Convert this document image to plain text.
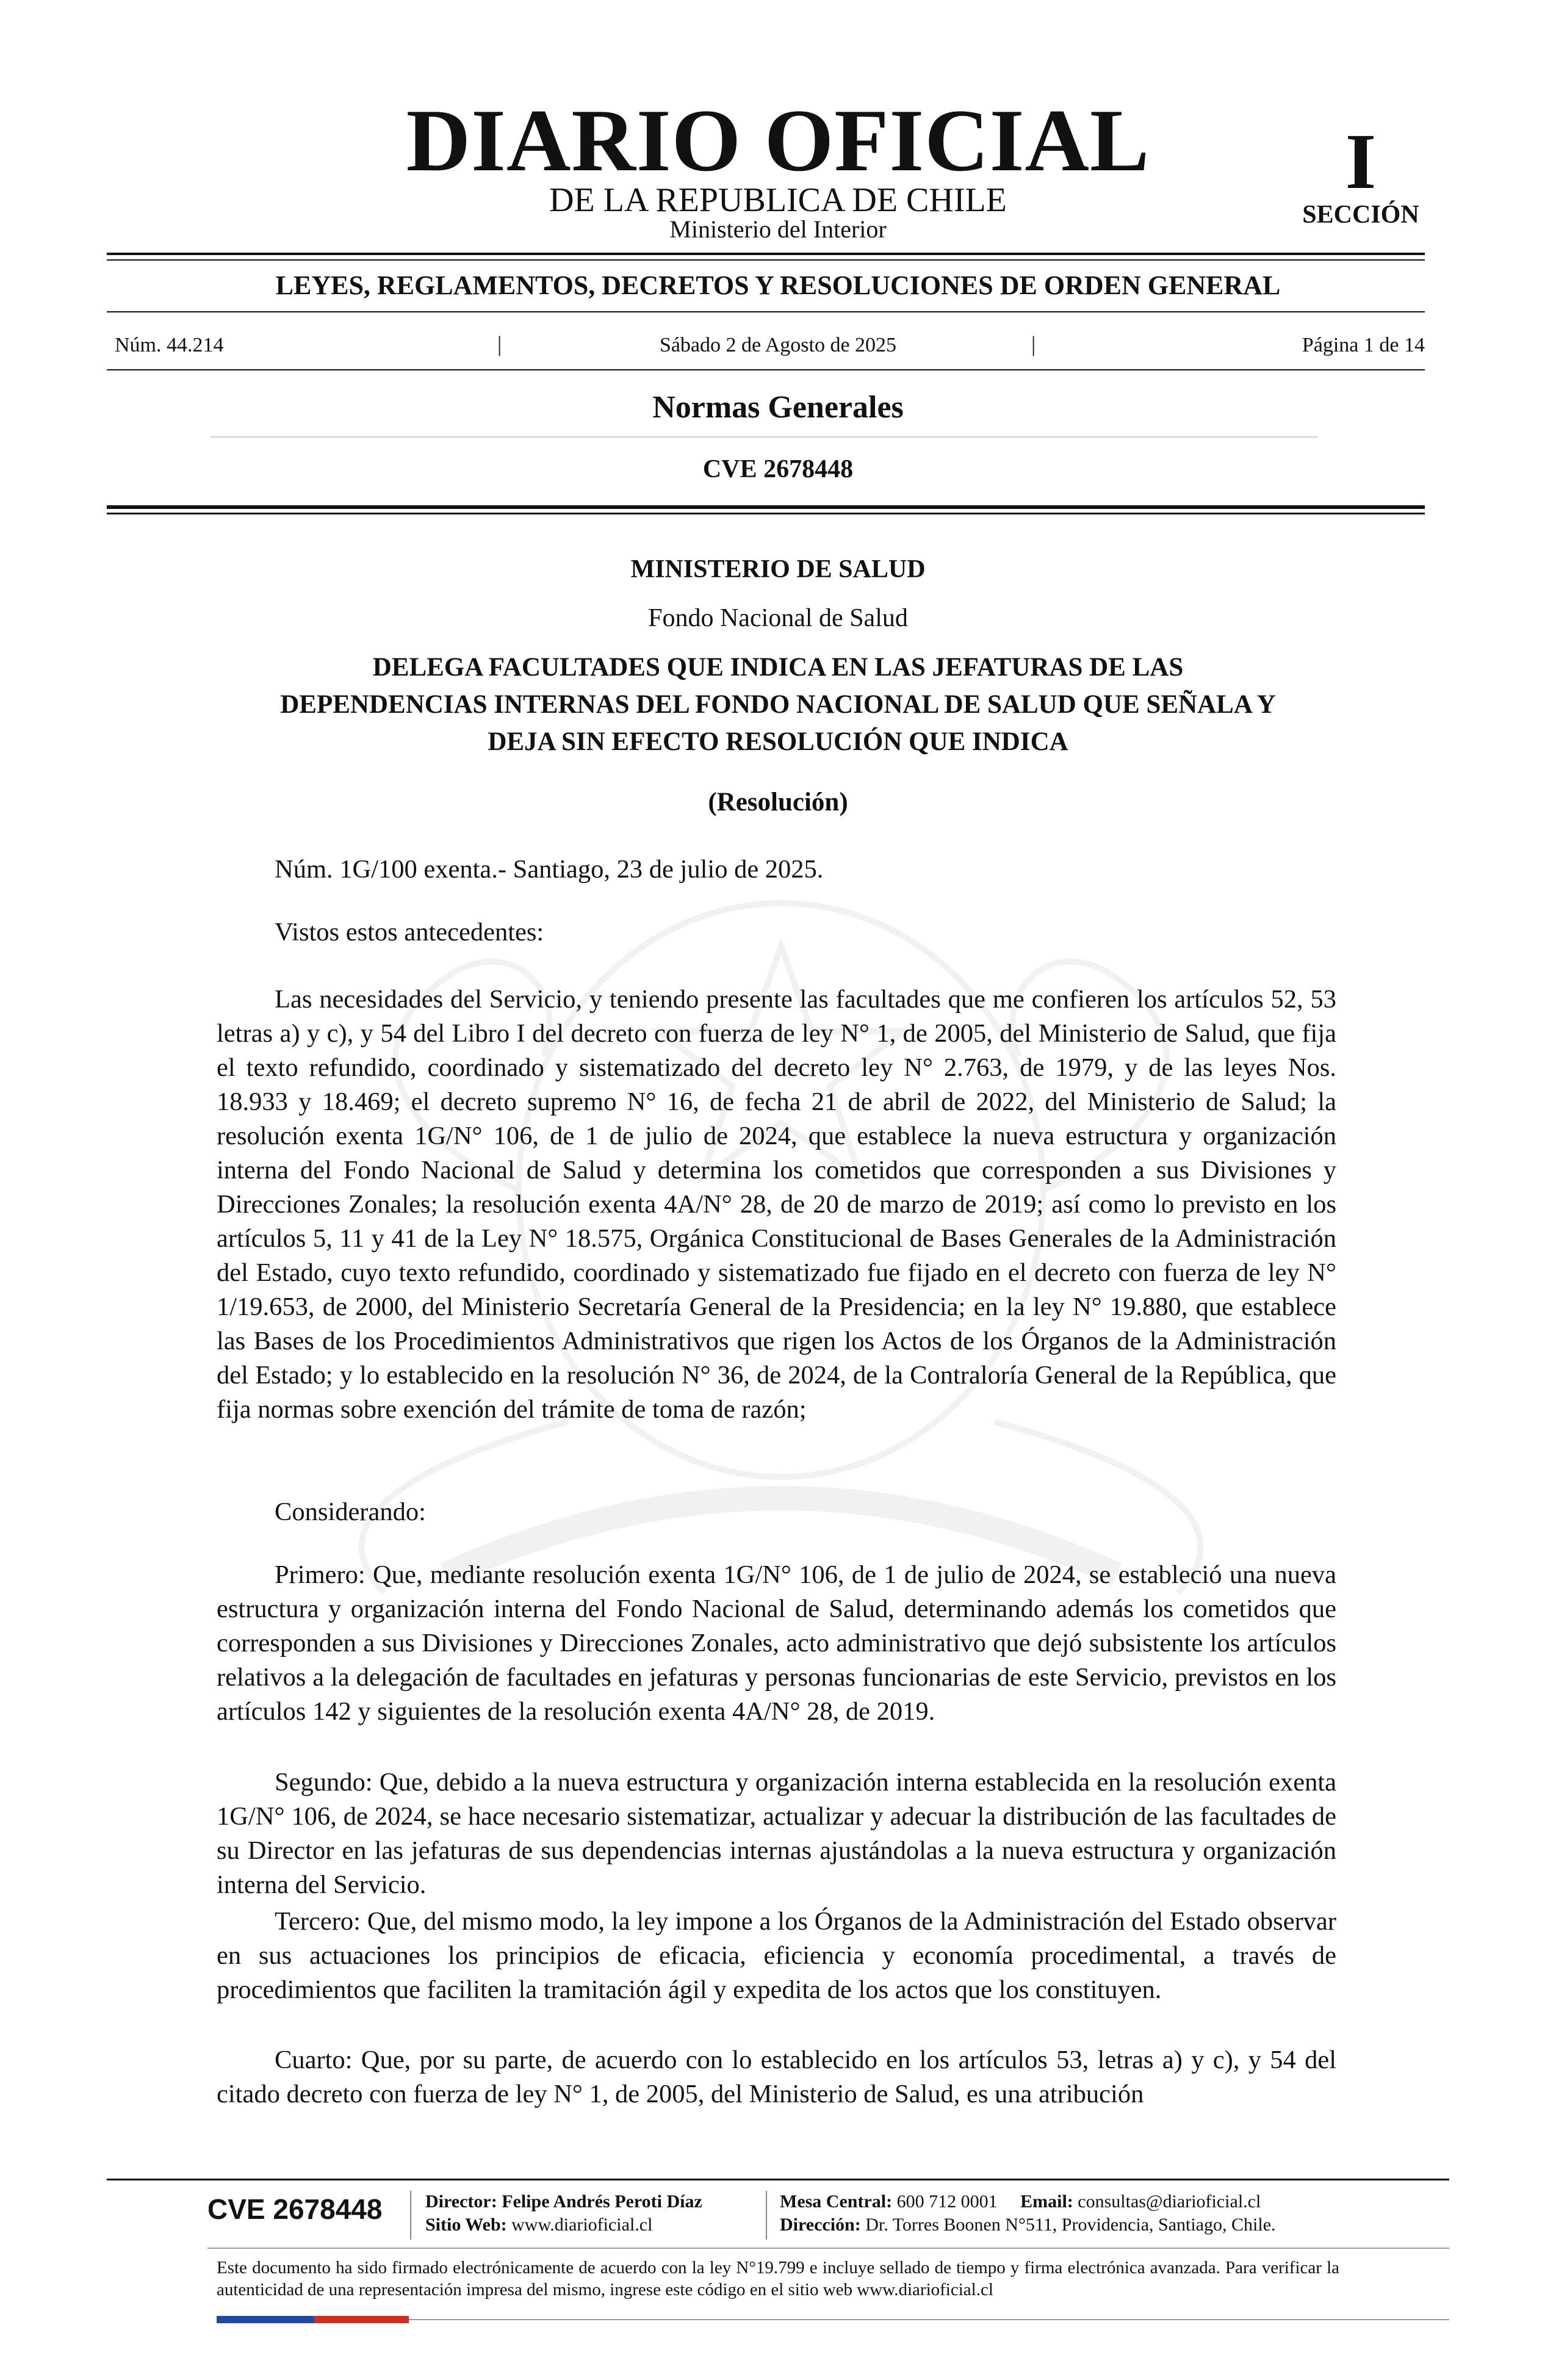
DIARIO OFICIAL
DE LA REPUBLICA DE CHILE
Ministerio del Interior
I
SECCIÓN
LEYES, REGLAMENTOS, DECRETOS Y RESOLUCIONES DE ORDEN GENERAL
Núm. 44.214	|	Sábado 2 de Agosto de 2025	|	Página 1 de 14
Normas Generales
CVE 2678448
MINISTERIO DE SALUD
Fondo Nacional de Salud
DELEGA FACULTADES QUE INDICA EN LAS JEFATURAS DE LAS
DEPENDENCIAS INTERNAS DEL FONDO NACIONAL DE SALUD QUE SEÑALA Y
DEJA SIN EFECTO RESOLUCIÓN QUE INDICA
(Resolución)

Núm. 1G/100 exenta.- Santiago, 23 de julio de 2025.

Vistos estos antecedentes:

Las necesidades del Servicio, y teniendo presente las facultades que me confieren los artículos 52, 53 letras a) y c), y 54 del Libro I del decreto con fuerza de ley N° 1, de 2005, del Ministerio de Salud, que fija el texto refundido, coordinado y sistematizado del decreto ley N° 2.763, de 1979, y de las leyes Nos. 18.933 y 18.469; el decreto supremo N° 16, de fecha 21 de abril de 2022, del Ministerio de Salud; la resolución exenta 1G/N° 106, de 1 de julio de 2024, que establece la nueva estructura y organización interna del Fondo Nacional de Salud y determina los cometidos que corresponden a sus Divisiones y Direcciones Zonales; la resolución exenta 4A/N° 28, de 20 de marzo de 2019; así como lo previsto en los artículos 5, 11 y 41 de la Ley N° 18.575, Orgánica Constitucional de Bases Generales de la Administración del Estado, cuyo texto refundido, coordinado y sistematizado fue fijado en el decreto con fuerza de ley N° 1/19.653, de 2000, del Ministerio Secretaría General de la Presidencia; en la ley N° 19.880, que establece las Bases de los Procedimientos Administrativos que rigen los Actos de los Órganos de la Administración del Estado; y lo establecido en la resolución N° 36, de 2024, de la Contraloría General de la República, que fija normas sobre exención del trámite de toma de razón;

Considerando:

Primero: Que, mediante resolución exenta 1G/N° 106, de 1 de julio de 2024, se estableció una nueva estructura y organización interna del Fondo Nacional de Salud, determinando además los cometidos que corresponden a sus Divisiones y Direcciones Zonales, acto administrativo que dejó subsistente los artículos relativos a la delegación de facultades en jefaturas y personas funcionarias de este Servicio, previstos en los artículos 142 y siguientes de la resolución exenta 4A/N° 28, de 2019.

Segundo: Que, debido a la nueva estructura y organización interna establecida en la resolución exenta 1G/N° 106, de 2024, se hace necesario sistematizar, actualizar y adecuar la distribución de las facultades de su Director en las jefaturas de sus dependencias internas ajustándolas a la nueva estructura y organización interna del Servicio.

Tercero: Que, del mismo modo, la ley impone a los Órganos de la Administración del Estado observar en sus actuaciones los principios de eficacia, eficiencia y economía procedimental, a través de procedimientos que faciliten la tramitación ágil y expedita de los actos que los constituyen.

Cuarto: Que, por su parte, de acuerdo con lo establecido en los artículos 53, letras a) y c), y 54 del citado decreto con fuerza de ley N° 1, de 2005, del Ministerio de Salud, es una atribución

CVE 2678448 Director: Felipe Andrés Peroti Díaz
Sitio Web: www.diarioficial.cl
Mesa Central: 600 712 0001 Email: consultas@diarioficial.cl
Dirección: Dr. Torres Boonen N°511, Providencia, Santiago, Chile.

Este documento ha sido firmado electrónicamente de acuerdo con la ley N°19.799 e incluye sellado de tiempo y firma electrónica avanzada. Para verificar la autenticidad de una representación impresa del mismo, ingrese este código en el sitio web www.diarioficial.cl
